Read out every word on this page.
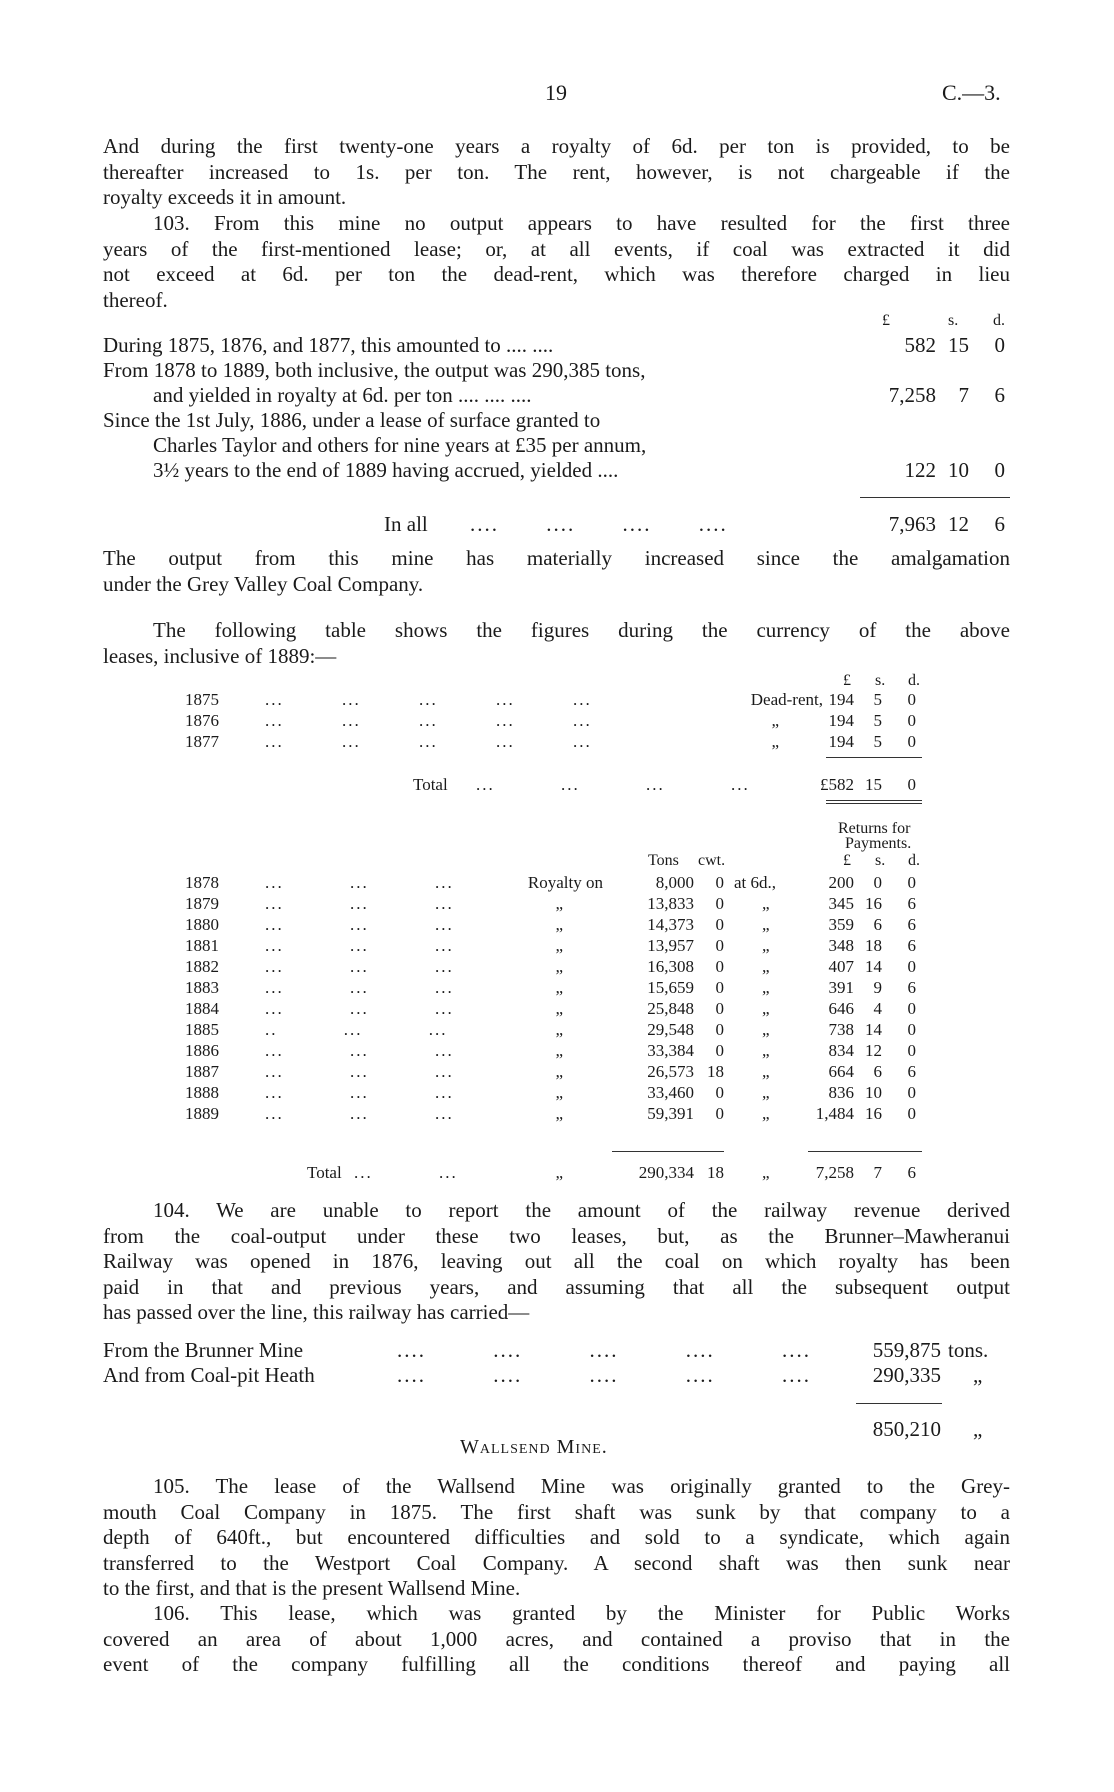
19	C.—3.
And during the first twenty-one years a royalty of 6d. per ton is provided, to be
thereafter increased to 1s. per ton. The rent, however, is not chargeable if the
royalty exceeds it in amount.
103. From this mine no output appears to have resulted for the first three
years of the first-mentioned lease; or, at all events, if coal was extracted it did
not exceed at 6d. per ton the dead-rent, which was therefore charged in lieu
thereof.
£	s. d.
During 1875, 1876, and 1877, this amounted to .... ....	582 15 0
From 1878 to 1889, both inclusive, the output was 290,385 tons,
and yielded in royalty at 6d. per ton .... .... ....	7,258 7 6
Since the 1st July, 1886, under a lease of surface granted to
Charles Taylor and others for nine years at £35 per annum,
3½ years to the end of 1889 having accrued, yielded ....	122 10 0
In all .... .... .... ....	7,963 12 6
The output from this mine has materially increased since the amalgamation
under the Grey Valley Coal Company.
The following table shows the figures during the currency of the above
leases, inclusive of 1889:—
£ s. d.
1875	... ... ... ... ...	Dead-rent, 194 5 0
1876	... ... ... ... ...	„	194 5 0
1877	... ... ... ... ...	„	194 5 0
Total ... ... ... ...	£582 15 0
Returns for
Payments.
Tons cwt.	£ s. d.
1878	... ... ...	Royalty on	8,000 0 at 6d.,	200 0 0
1879	... ... ...	„	13,833 0 „	345 16 6
1880	... ... ...	„	14,373 0 „	359 6 6
1881	... ... ...	„	13,957 0 „	348 18 6
1882	... ... ...	„	16,308 0 „	407 14 0
1883	... ... ...	„	15,659 0 „	391 9 6
1884	... ... ...	„	25,848 0 „	646 4 0
1885	.. ... ...	„	29,548 0 „	738 14 0
1886	... ... ...	„	33,384 0 „	834 12 0
1887	... ... ...	„	26,573 18 „	664 6 6
1888	... ... ...	„	33,460 0 „	836 10 0
1889	... ... ...	„	59,391 0 „	1,484 16 0
Total ... ...	„	290,334 18 „	7,258 7 6
104. We are unable to report the amount of the railway revenue derived
from the coal-output under these two leases, but, as the Brunner–Mawheranui
Railway was opened in 1876, leaving out all the coal on which royalty has been
paid in that and previous years, and assuming that all the subsequent output
has passed over the line, this railway has carried—
From the Brunner Mine	.... .... .... .... ....	559,875 tons.
And from Coal-pit Heath	.... .... .... .... ....	290,335 „
850,210 „
Wallsend Mine.
105. The lease of the Wallsend Mine was originally granted to the Grey-
mouth Coal Company in 1875. The first shaft was sunk by that company to a
depth of 640ft., but encountered difficulties and sold to a syndicate, which again
transferred to the Westport Coal Company. A second shaft was then sunk near
to the first, and that is the present Wallsend Mine.
106. This lease, which was granted by the Minister for Public Works
covered an area of about 1,000 acres, and contained a proviso that in the
event of the company fulfilling all the conditions thereof and paying all
